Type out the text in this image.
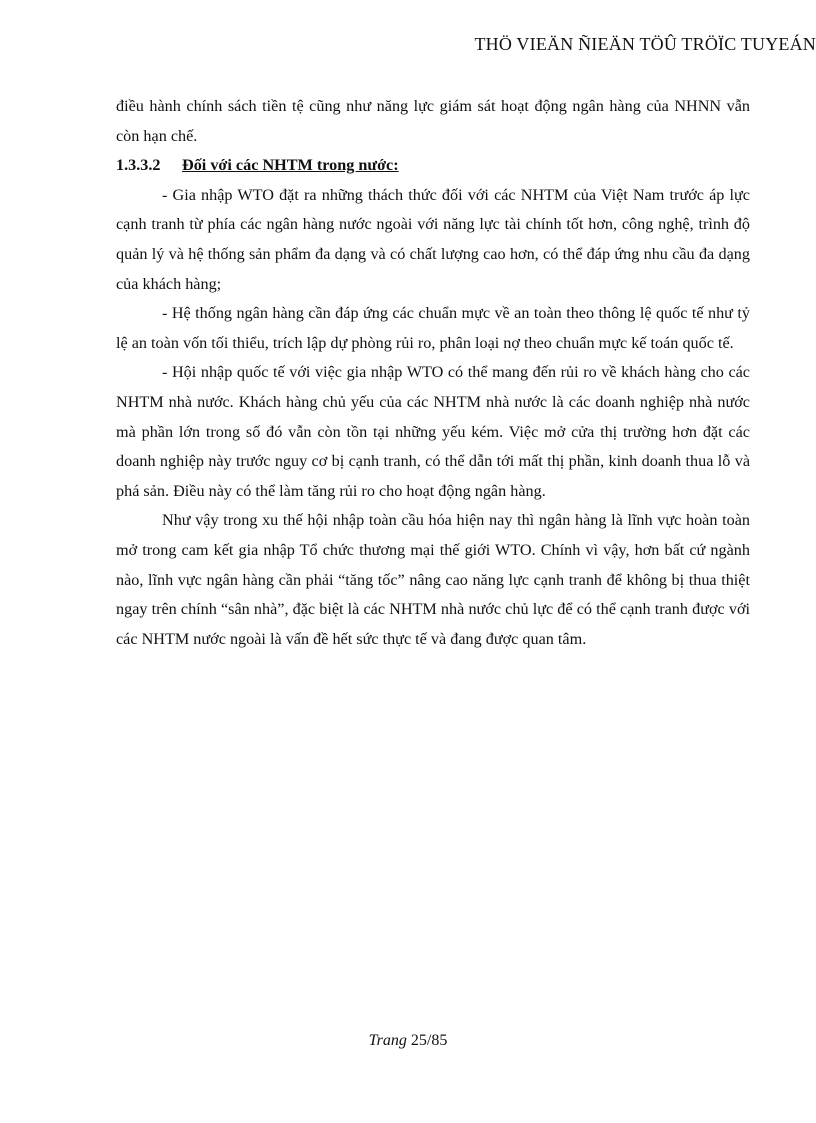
THÖ VIEÄN ÑIEÄN TÖÛ TRÖÏC TUYEÁN

điều hành chính sách tiền tệ cũng như năng lực giám sát hoạt động ngân hàng của NHNN vẫn còn hạn chế.

1.3.3.2 Đối với các NHTM trong nước:

- Gia nhập WTO đặt ra những thách thức đối với các NHTM của Việt Nam trước áp lực cạnh tranh từ phía các ngân hàng nước ngoài với năng lực tài chính tốt hơn, công nghệ, trình độ quản lý và hệ thống sản phẩm đa dạng và có chất lượng cao hơn, có thể đáp ứng nhu cầu đa dạng của khách hàng;

- Hệ thống ngân hàng cần đáp ứng các chuẩn mực về an toàn theo thông lệ quốc tế như tỷ lệ an toàn vốn tối thiểu, trích lập dự phòng rủi ro, phân loại nợ theo chuẩn mực kế toán quốc tế.

- Hội nhập quốc tế với việc gia nhập WTO có thể mang đến rủi ro về khách hàng cho các NHTM nhà nước. Khách hàng chủ yếu của các NHTM nhà nước là các doanh nghiệp nhà nước mà phần lớn trong số đó vẫn còn tồn tại những yếu kém. Việc mở cửa thị trường hơn đặt các doanh nghiệp này trước nguy cơ bị cạnh tranh, có thể dẫn tới mất thị phần, kinh doanh thua lỗ và phá sản. Điều này có thể làm tăng rủi ro cho hoạt động ngân hàng.

Như vậy trong xu thế hội nhập toàn cầu hóa hiện nay thì ngân hàng là lĩnh vực hoàn toàn mở trong cam kết gia nhập Tổ chức thương mại thế giới WTO. Chính vì vậy, hơn bất cứ ngành nào, lĩnh vực ngân hàng cần phải “tăng tốc” nâng cao năng lực cạnh tranh để không bị thua thiệt ngay trên chính “sân nhà”, đặc biệt là các NHTM nhà nước chủ lực để có thể cạnh tranh được với các NHTM nước ngoài là vấn đề hết sức thực tế và đang được quan tâm.

Trang 25/85
